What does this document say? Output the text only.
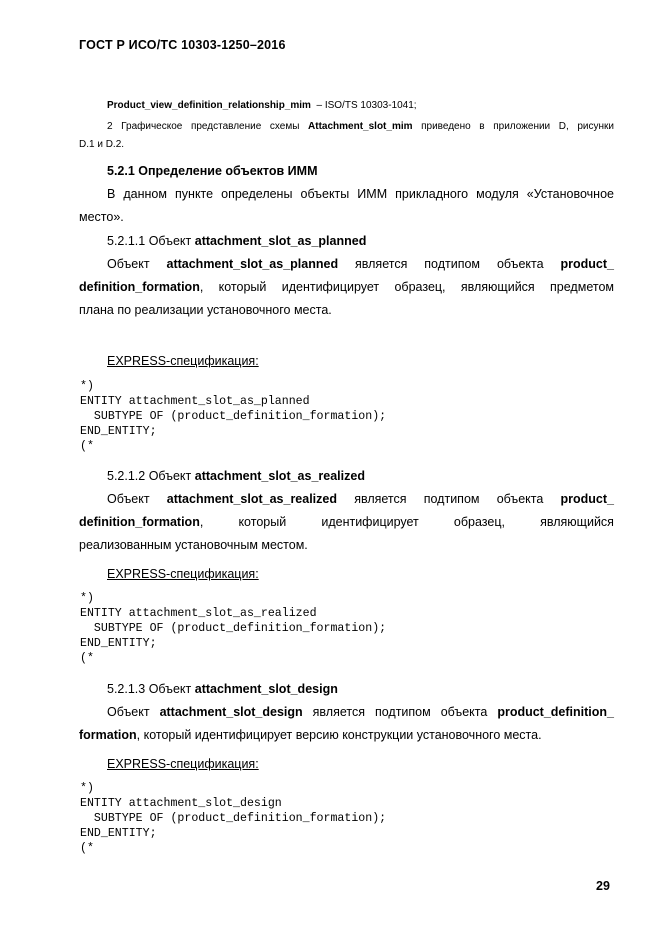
ГОСТ Р ИСО/ТС 10303-1250–2016
Product_view_definition_relationship_mim  – ISO/TS 10303-1041;
2 Графическое представление схемы Attachment_slot_mim приведено в приложении D, рисунки
D.1 и D.2.
5.2.1 Определение объектов ИММ
В данном пункте определены объекты ИММ прикладного модуля «Установочное
место».
5.2.1.1 Объект attachment_slot_as_planned
Объект attachment_slot_as_planned является подтипом объекта product_
definition_formation, который идентифицирует образец, являющийся предметом
плана по реализации установочного места.
EXPRESS-спецификация:
*)
ENTITY attachment_slot_as_planned
SUBTYPE OF (product_definition_formation);
END_ENTITY;
(*
5.2.1.2 Объект attachment_slot_as_realized
Объект attachment_slot_as_realized является подтипом объекта product_
definition_formation,	который	идентифицирует	образец,	являющийся
реализованным установочным местом.
EXPRESS-спецификация:
*)
ENTITY attachment_slot_as_realized
SUBTYPE OF (product_definition_formation);
END_ENTITY;
(*
5.2.1.3 Объект attachment_slot_design
Объект attachment_slot_design является подтипом объекта product_definition_
formation, который идентифицирует версию конструкции установочного места.
EXPRESS-спецификация:
*)
ENTITY attachment_slot_design
SUBTYPE OF (product_definition_formation);
END_ENTITY;
(*
29
